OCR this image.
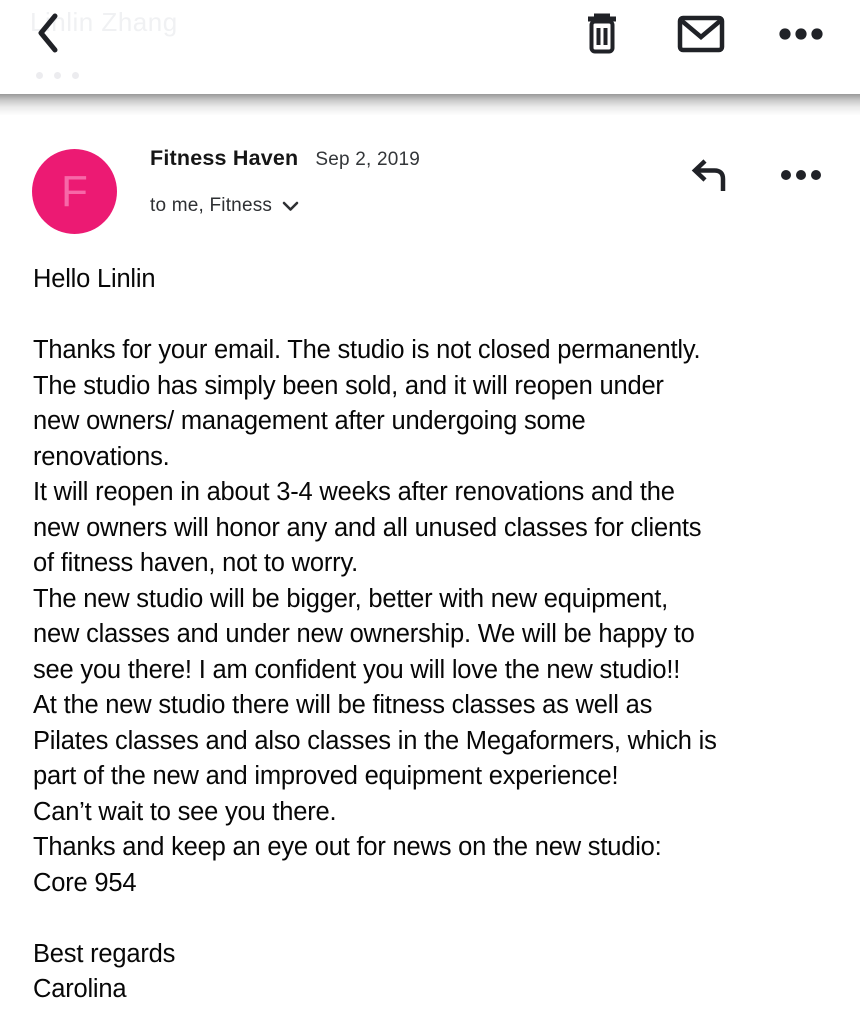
Linlin Zhang
F
Fitness Haven Sep 2, 2019
to me, Fitness
Hello Linlin

Thanks for your email. The studio is not closed permanently.
The studio has simply been sold, and it will reopen under
new owners/ management after undergoing some
renovations.
It will reopen in about 3-4 weeks after renovations and the
new owners will honor any and all unused classes for clients
of fitness haven, not to worry.
The new studio will be bigger, better with new equipment,
new classes and under new ownership. We will be happy to
see you there! I am confident you will love the new studio!!
At the new studio there will be fitness classes as well as
Pilates classes and also classes in the Megaformers, which is
part of the new and improved equipment experience!
Can’t wait to see you there.
Thanks and keep an eye out for news on the new studio:
Core 954

Best regards
Carolina
